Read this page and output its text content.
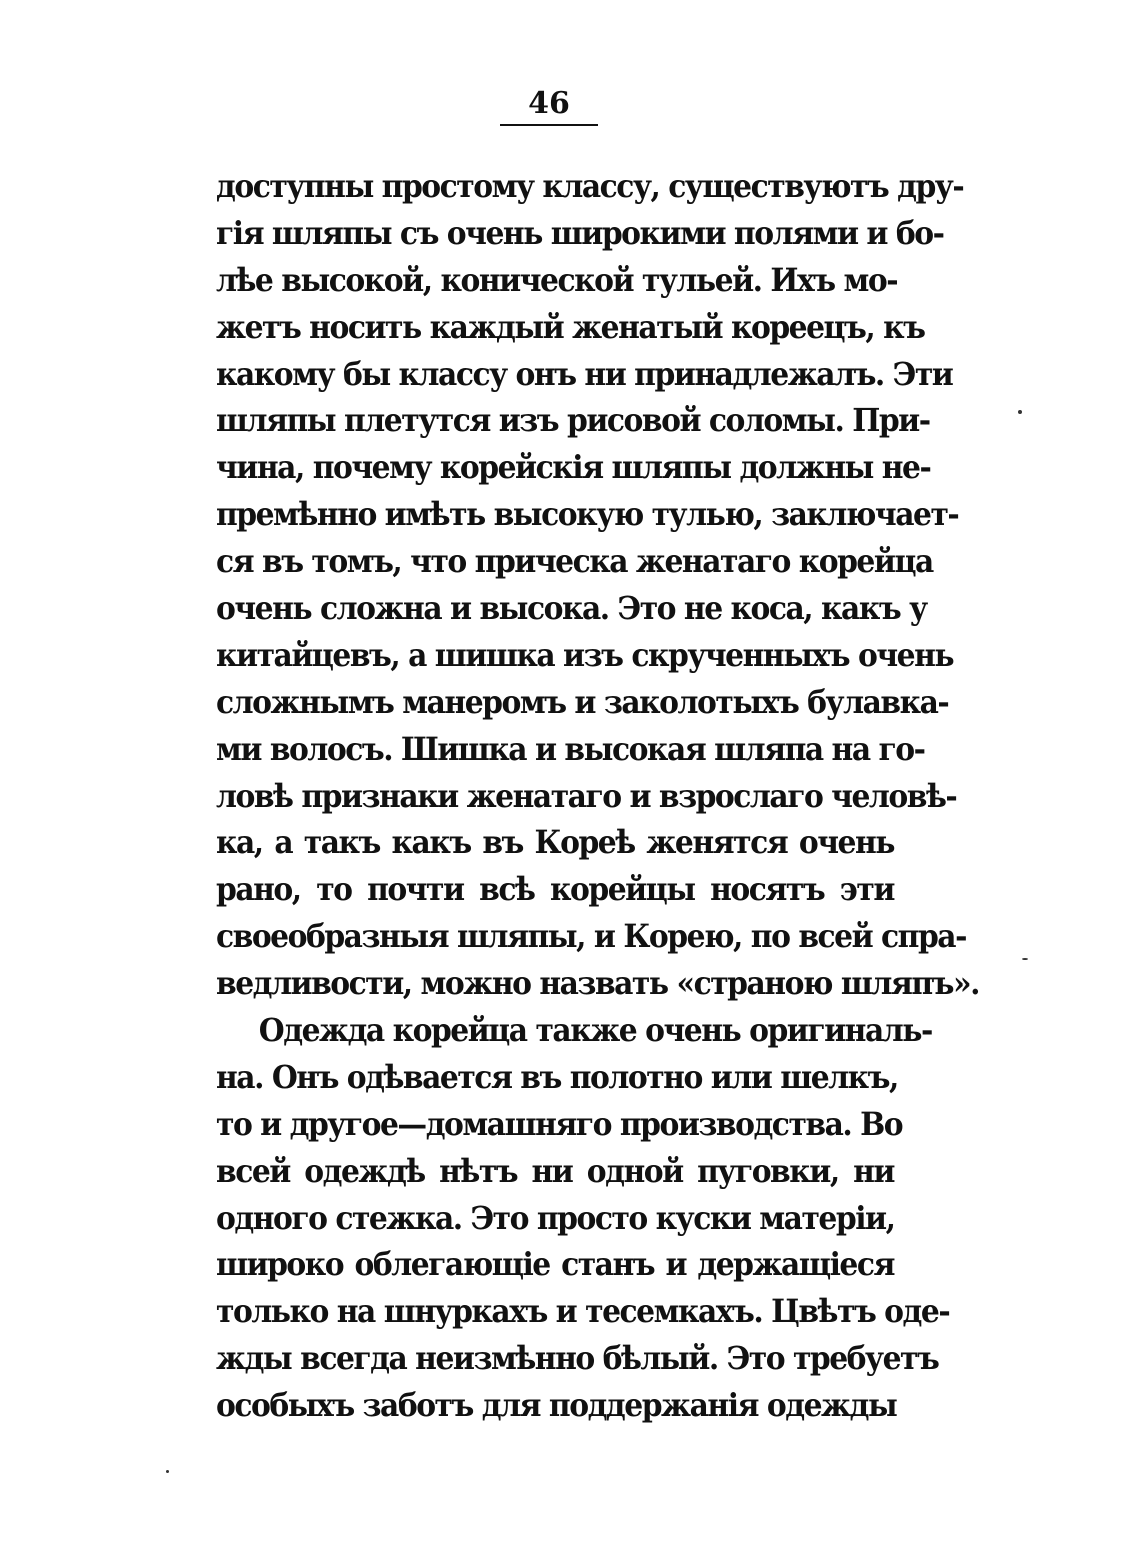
46
доступны простому классу, существуютъ дру-
гія шляпы съ очень широкими полями и бо-
лѣе высокой, конической тульей. Ихъ мо-
жетъ носить каждый женатый кореецъ, къ
какому бы классу онъ ни принадлежалъ. Эти
шляпы плетутся изъ рисовой соломы. При-
чина, почему корейскія шляпы должны не-
премѣнно имѣть высокую тулью, заключает-
ся въ томъ, что прическа женатаго корейца
очень сложна и высока. Это не коса, какъ у
китайцевъ, а шишка изъ скрученныхъ очень
сложнымъ манеромъ и заколотыхъ булавка-
ми волосъ. Шишка и высокая шляпа на го-
ловѣ признаки женатаго и взрослаго человѣ-
ка, а такъ какъ въ Кореѣ женятся очень
рано, то почти всѣ корейцы носятъ эти
своеобразныя шляпы, и Корею, по всей спра-
ведливости, можно назвать «страною шляпъ».
Одежда корейца также очень оригиналь-
на. Онъ одѣвается въ полотно или шелкъ,
то и другое—домашняго производства. Во
всей одеждѣ нѣтъ ни одной пуговки, ни
одного стежка. Это просто куски матеріи,
широко облегающіе станъ и держащіеся
только на шнуркахъ и тесемкахъ. Цвѣтъ оде-
жды всегда неизмѣнно бѣлый. Это требуетъ
особыхъ заботъ для поддержанія одежды
